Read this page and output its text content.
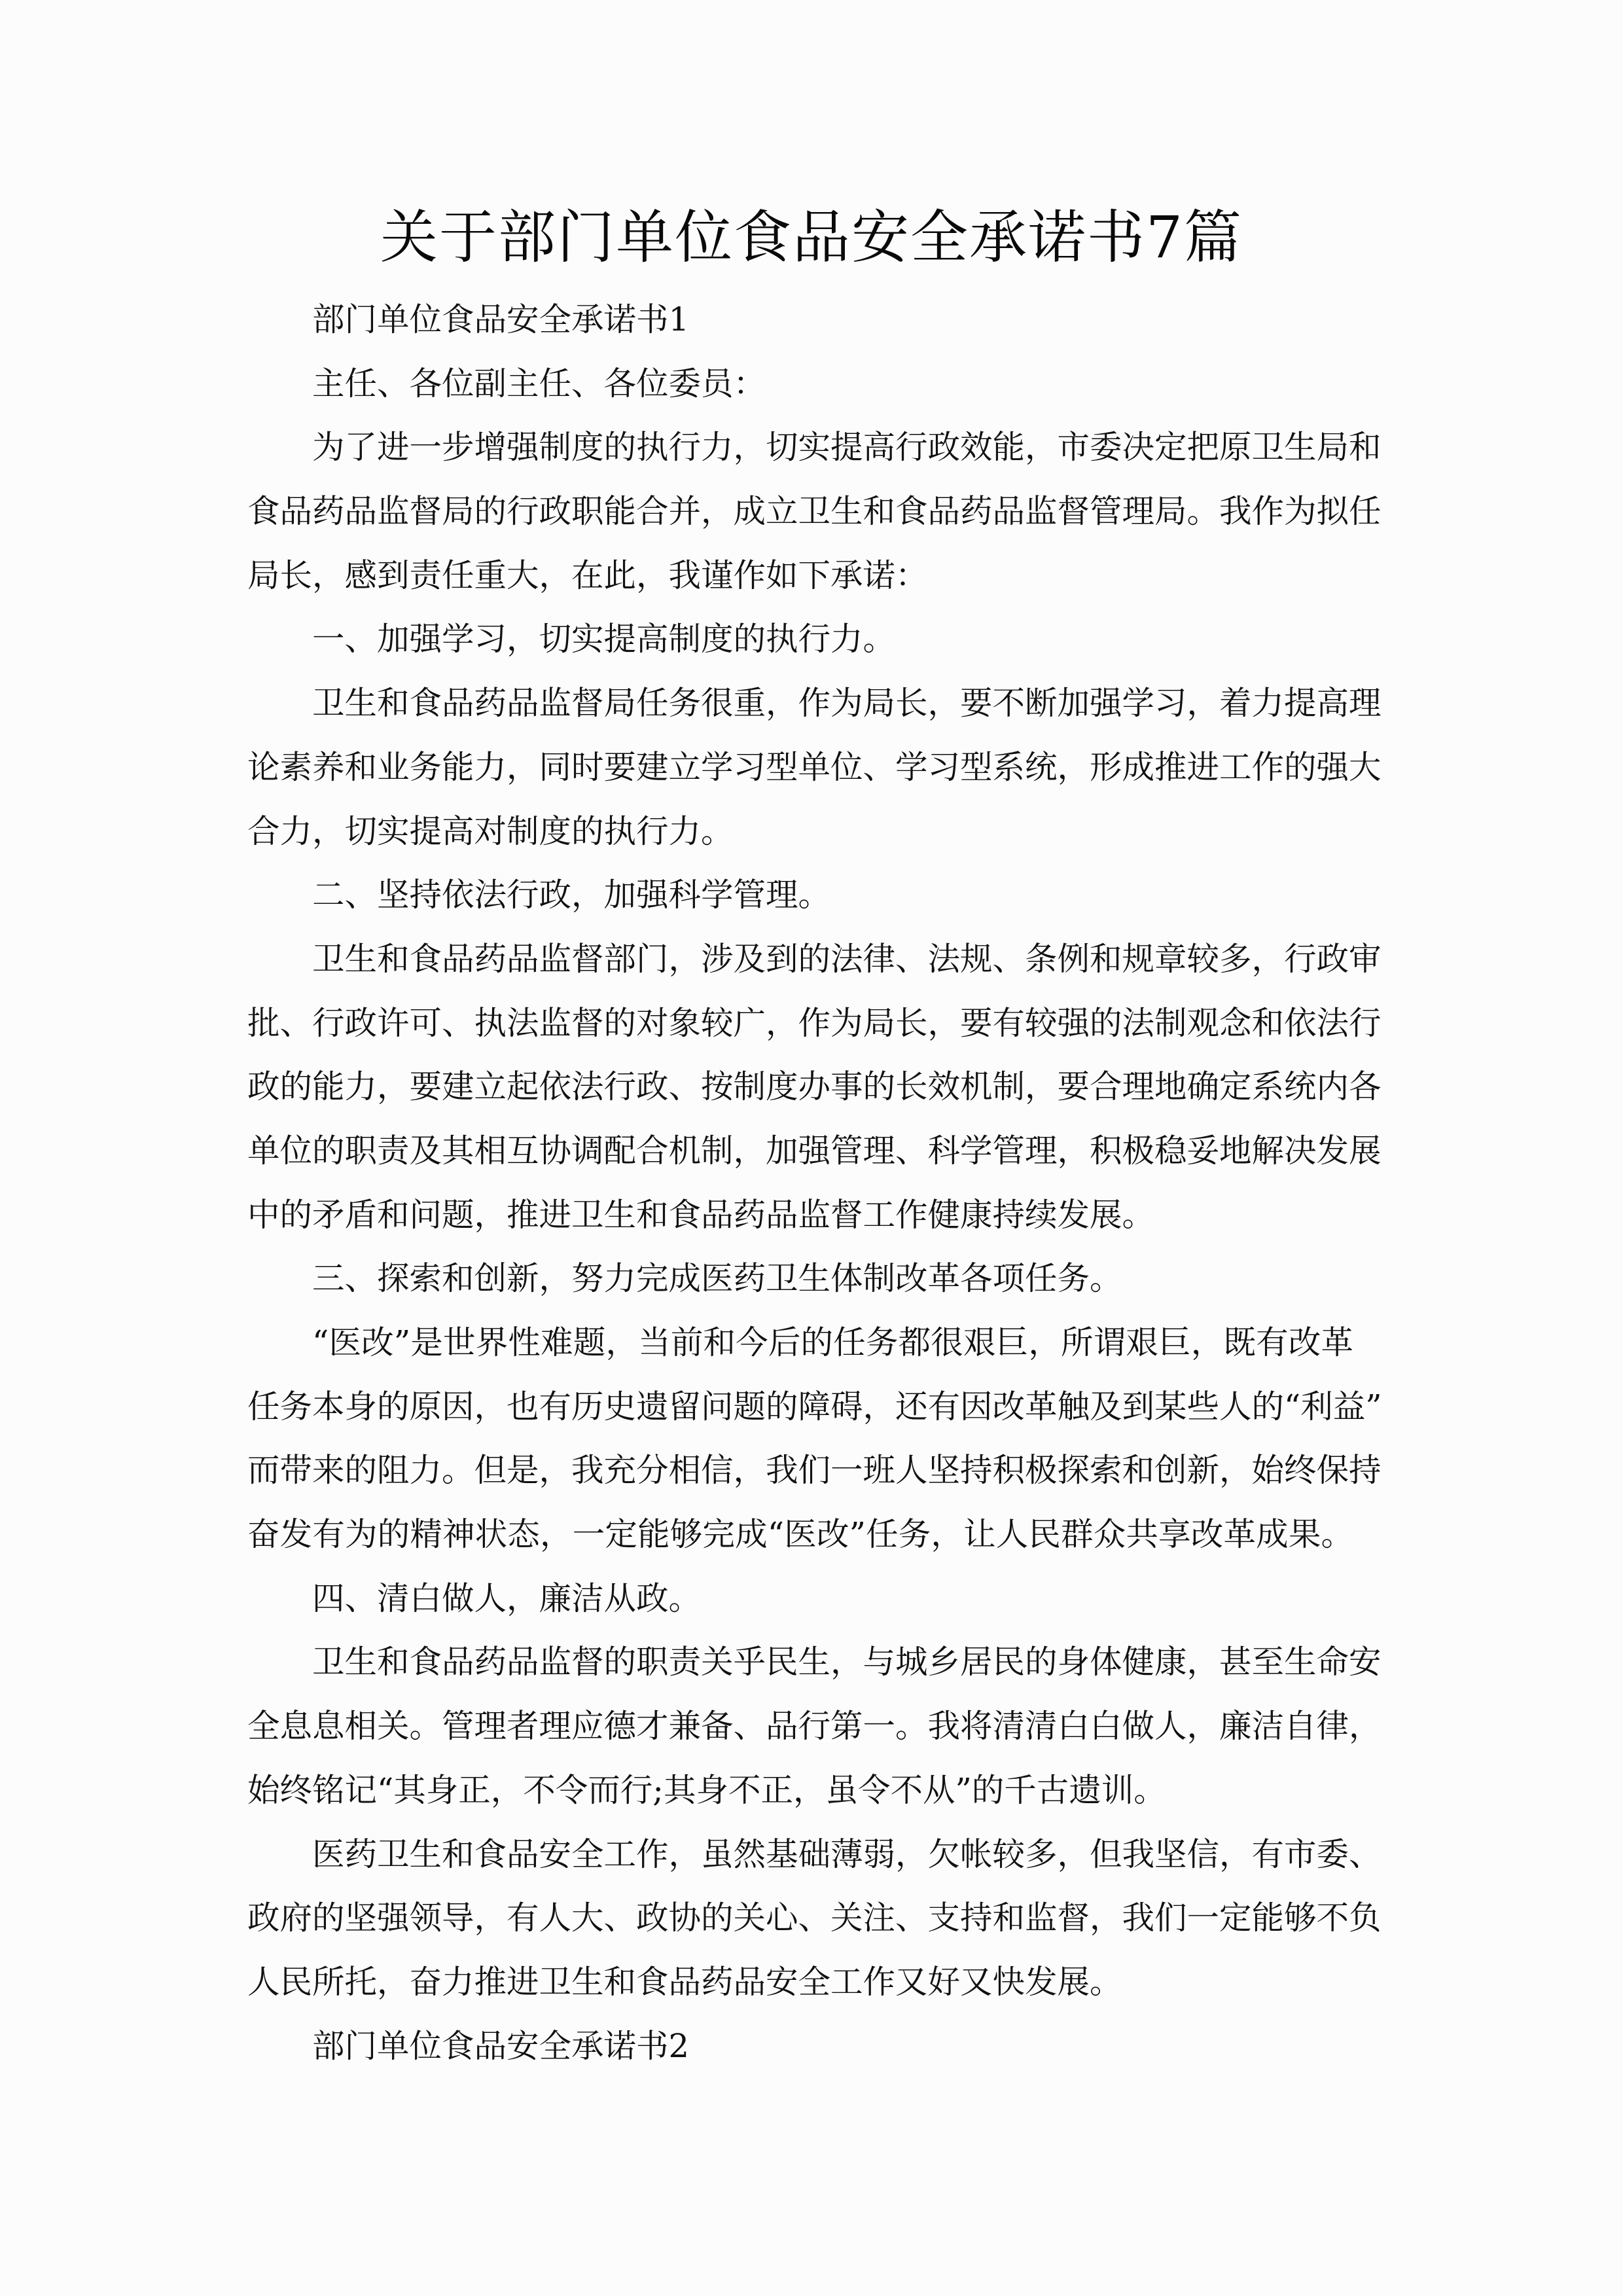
关于部门单位食品安全承诺书7篇
部门单位食品安全承诺书1
主任、各位副主任、各位委员：
为了进一步增强制度的执行力，切实提高行政效能，市委决定把原卫生局和
食品药品监督局的行政职能合并，成立卫生和食品药品监督管理局。我作为拟任
局长，感到责任重大，在此，我谨作如下承诺：
一、加强学习，切实提高制度的执行力。
卫生和食品药品监督局任务很重，作为局长，要不断加强学习，着力提高理
论素养和业务能力，同时要建立学习型单位、学习型系统，形成推进工作的强大
合力，切实提高对制度的执行力。
二、坚持依法行政，加强科学管理。
卫生和食品药品监督部门，涉及到的法律、法规、条例和规章较多，行政审
批、行政许可、执法监督的对象较广，作为局长，要有较强的法制观念和依法行
政的能力，要建立起依法行政、按制度办事的长效机制，要合理地确定系统内各
单位的职责及其相互协调配合机制，加强管理、科学管理，积极稳妥地解决发展
中的矛盾和问题，推进卫生和食品药品监督工作健康持续发展。
三、探索和创新，努力完成医药卫生体制改革各项任务。
“医改”是世界性难题，当前和今后的任务都很艰巨，所谓艰巨，既有改革
任务本身的原因，也有历史遗留问题的障碍，还有因改革触及到某些人的“利益”
而带来的阻力。但是，我充分相信，我们一班人坚持积极探索和创新，始终保持
奋发有为的精神状态，一定能够完成“医改”任务，让人民群众共享改革成果。
四、清白做人，廉洁从政。
卫生和食品药品监督的职责关乎民生，与城乡居民的身体健康，甚至生命安
全息息相关。管理者理应德才兼备、品行第一。我将清清白白做人，廉洁自律，
始终铭记“其身正，不令而行;其身不正，虽令不从”的千古遗训。
医药卫生和食品安全工作，虽然基础薄弱，欠帐较多，但我坚信，有市委、
政府的坚强领导，有人大、政协的关心、关注、支持和监督，我们一定能够不负
人民所托，奋力推进卫生和食品药品安全工作又好又快发展。
部门单位食品安全承诺书2
